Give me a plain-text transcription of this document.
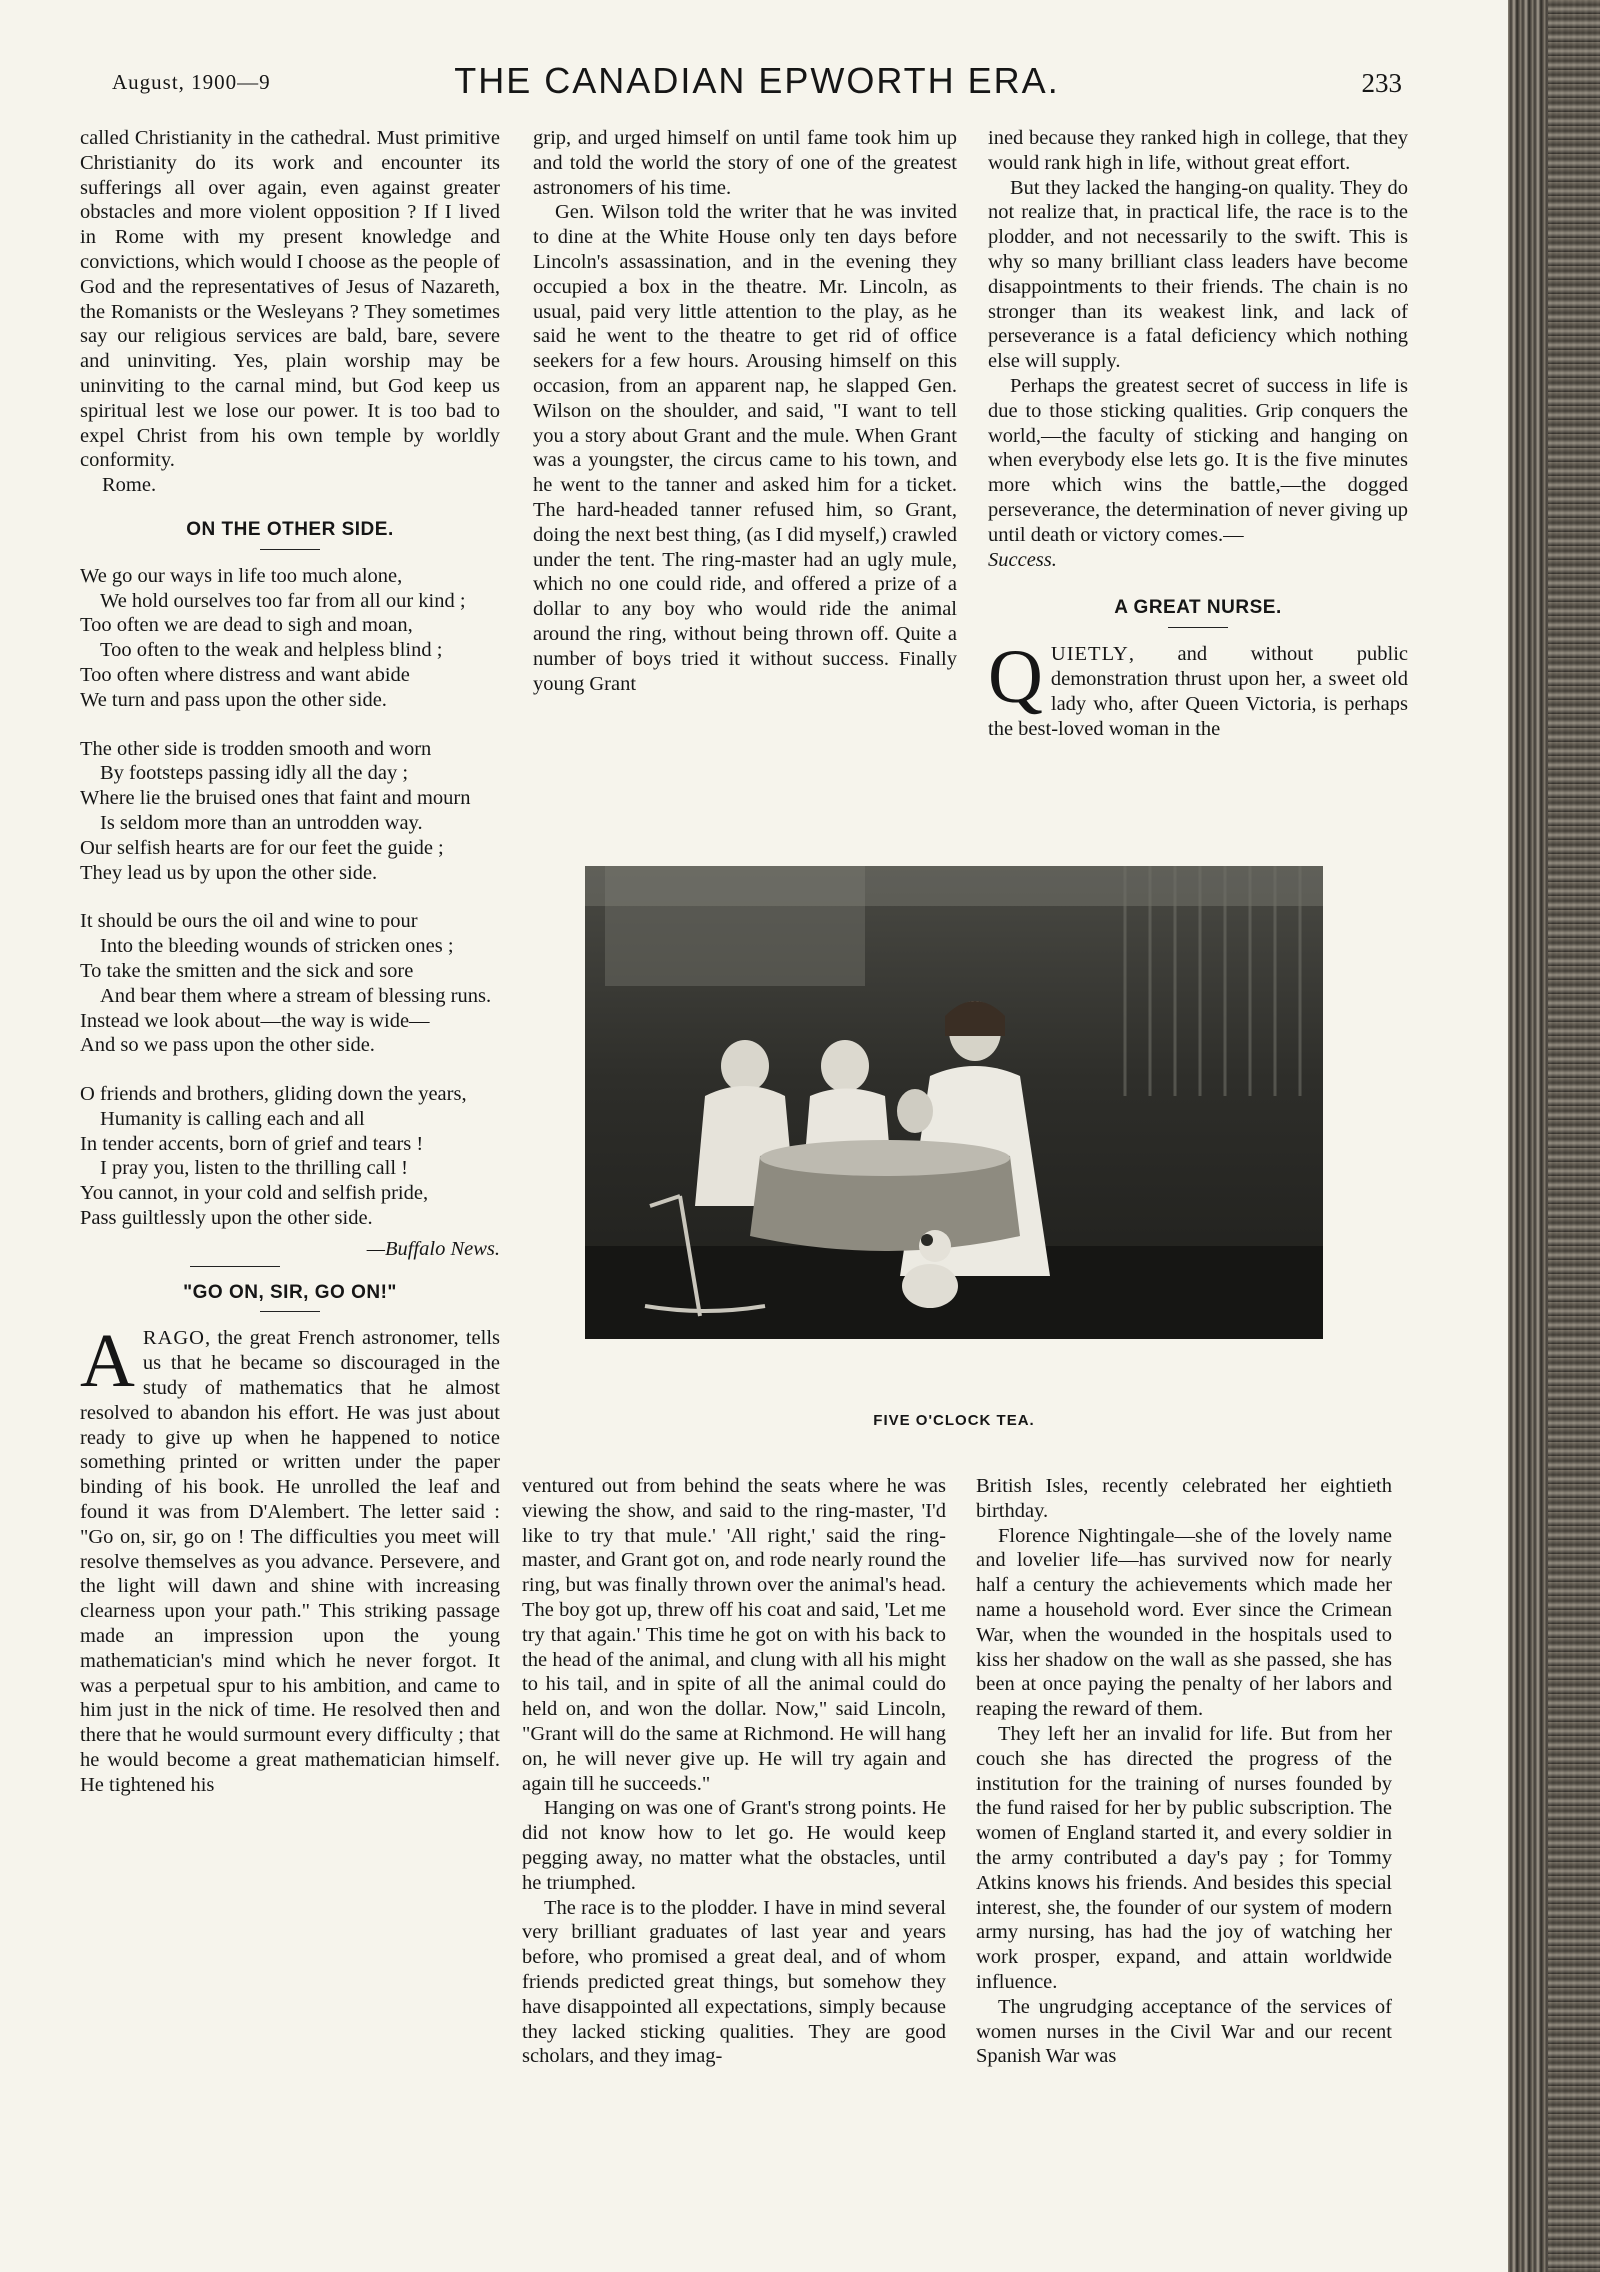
August, 1900—9	THE CANADIAN EPWORTH ERA.	233

called Christianity in the cathedral. Must primitive Christianity do its work and encounter its sufferings all over again, even against greater obstacles and more violent opposition ? If I lived in Rome with my present knowledge and convictions, which would I choose as the people of God and the representatives of Jesus of Nazareth, the Romanists or the Wesleyans ? They sometimes say our religious services are bald, bare, severe and uninviting. Yes, plain worship may be uninviting to the carnal mind, but God keep us spiritual lest we lose our power. It is too bad to expel Christ from his own temple by worldly conformity.

Rome.

ON THE OTHER SIDE.
We go our ways in life too much alone,
We hold ourselves too far from all our kind ;
Too often we are dead to sigh and moan,
Too often to the weak and helpless blind ;
Too often where distress and want abide
We turn and pass upon the other side.
The other side is trodden smooth and worn
By footsteps passing idly all the day ;
Where lie the bruised ones that faint and mourn
Is seldom more than an untrodden way.
Our selfish hearts are for our feet the guide ;
They lead us by upon the other side.
It should be ours the oil and wine to pour
Into the bleeding wounds of stricken ones ;
To take the smitten and the sick and sore
And bear them where a stream of blessing runs.
Instead we look about—the way is wide—
And so we pass upon the other side.
O friends and brothers, gliding down the years,
Humanity is calling each and all
In tender accents, born of grief and tears !
I pray you, listen to the thrilling call !
You cannot, in your cold and selfish pride,
Pass guiltlessly upon the other side.
—Buffalo News.
"GO ON, SIR, GO ON!"

ARAGO, the great French astronomer, tells us that he became so discouraged in the study of mathematics that he almost resolved to abandon his effort. He was just about ready to give up when he happened to notice something printed or written under the paper binding of his book. He unrolled the leaf and found it was from D'Alembert. The letter said : "Go on, sir, go on ! The difficulties you meet will resolve themselves as you advance. Persevere, and the light will dawn and shine with increasing clearness upon your path." This striking passage made an impression upon the young mathematician's mind which he never forgot. It was a perpetual spur to his ambition, and came to him just in the nick of time. He resolved then and there that he would surmount every difficulty ; that he would become a great mathematician himself. He tightened his

grip, and urged himself on until fame took him up and told the world the story of one of the greatest astronomers of his time.

Gen. Wilson told the writer that he was invited to dine at the White House only ten days before Lincoln's assassination, and in the evening they occupied a box in the theatre. Mr. Lincoln, as usual, paid very little attention to the play, as he said he went to the theatre to get rid of office seekers for a few hours. Arousing himself on this occasion, from an apparent nap, he slapped Gen. Wilson on the shoulder, and said, "I want to tell you a story about Grant and the mule. When Grant was a youngster, the circus came to his town, and he went to the tanner and asked him for a ticket. The hard-headed tanner refused him, so Grant, doing the next best thing, (as I did myself,) crawled under the tent. The ring-master had an ugly mule, which no one could ride, and offered a prize of a dollar to any boy who would ride the animal around the ring, without being thrown off. Quite a number of boys tried it without success. Finally young Grant

ined because they ranked high in college, that they would rank high in life, without great effort.

But they lacked the hanging-on quality. They do not realize that, in practical life, the race is to the plodder, and not necessarily to the swift. This is why so many brilliant class leaders have become disappointments to their friends. The chain is no stronger than its weakest link, and lack of perseverance is a fatal deficiency which nothing else will supply.

Perhaps the greatest secret of success in life is due to those sticking qualities. Grip conquers the world,—the faculty of sticking and hanging on when everybody else lets go. It is the five minutes more which wins the battle,—the dogged perseverance, the determination of never giving up until death or victory comes.—
Success.

A GREAT NURSE.

QUIETLY, and without public demonstration thrust upon her, a sweet old lady who, after Queen Victoria, is perhaps the best-loved woman in the

FIVE O'CLOCK TEA.

ventured out from behind the seats where he was viewing the show, and said to the ring-master, 'I'd like to try that mule.' 'All right,' said the ring-master, and Grant got on, and rode nearly round the ring, but was finally thrown over the animal's head. The boy got up, threw off his coat and said, 'Let me try that again.' This time he got on with his back to the head of the animal, and clung with all his might to his tail, and in spite of all the animal could do held on, and won the dollar. Now," said Lincoln, "Grant will do the same at Richmond. He will hang on, he will never give up. He will try again and again till he succeeds."

Hanging on was one of Grant's strong points. He did not know how to let go. He would keep pegging away, no matter what the obstacles, until he triumphed.

The race is to the plodder. I have in mind several very brilliant graduates of last year and years before, who promised a great deal, and of whom friends predicted great things, but somehow they have disappointed all expectations, simply because they lacked sticking qualities. They are good scholars, and they imag-

British Isles, recently celebrated her eightieth birthday.

Florence Nightingale—she of the lovely name and lovelier life—has survived now for nearly half a century the achievements which made her name a household word. Ever since the Crimean War, when the wounded in the hospitals used to kiss her shadow on the wall as she passed, she has been at once paying the penalty of her labors and reaping the reward of them.

They left her an invalid for life. But from her couch she has directed the progress of the institution for the training of nurses founded by the fund raised for her by public subscription. The women of England started it, and every soldier in the army contributed a day's pay ; for Tommy Atkins knows his friends. And besides this special interest, she, the founder of our system of modern army nursing, has had the joy of watching her work prosper, expand, and attain worldwide influence.

The ungrudging acceptance of the services of women nurses in the Civil War and our recent Spanish War was
